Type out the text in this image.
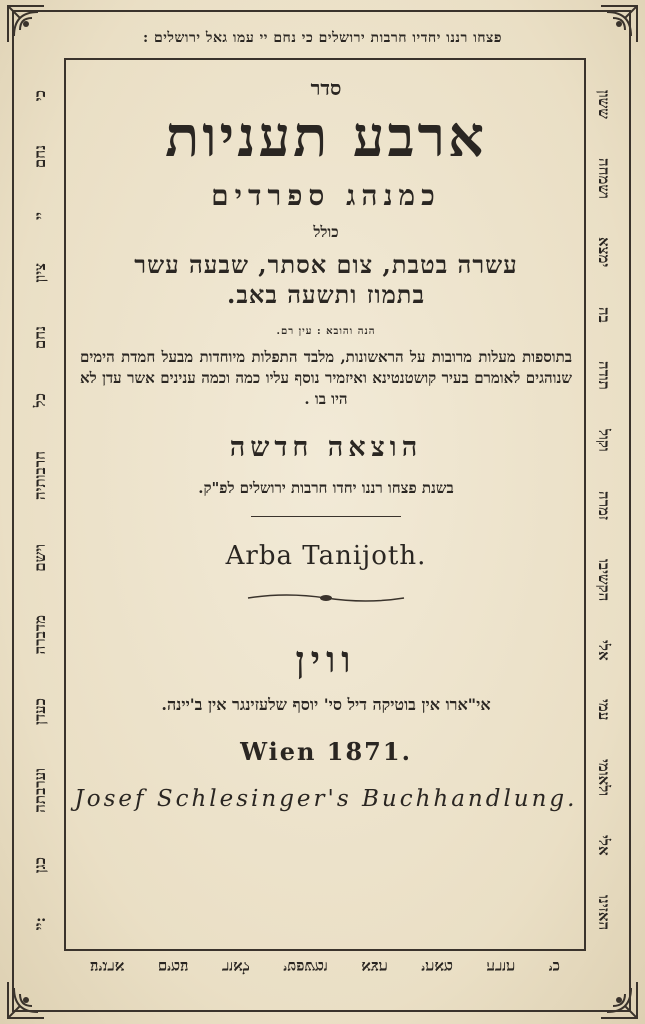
פצחו רננו יחדיו חרבות ירושלים כי נחם יי עמו גאל ירושלים :
כי
נחם
יי
ציון
נחם
כל
חרבותיה
וישם
מדברה
כעדן
וערבתה
כגן
יי:
ששון
ושמחה
ימצא
בה
תודה
וקול
זמרה
הקשיבו
אלי
עמי
ולאומי
אלי
האזינו
כי
תורה
מאתי
תצא
ומשפטי
לאור
עמים
ארגיע
סדר
ארבע תעניות
כמנהג ספרדים
כולל
עשרה בטבת, צום אסתר, שבעה עשר
בתמוז ותשעה באב.
הנה והובא : עין רם.
בתוספות מעלות מרובות על הראשונות, מלבד התפלות מיוחדות מבעל חמדת הימים שנוהגים לאומרם בעיר קושטנטינא ואיזמיר נוסף עליו כמה וכמה ענינים אשר עדן לא היו בו .
הוצאה חדשה
בשנת פצחו רננו יחדו חרבות ירושלים לפ"ק.
Arba Tanijoth.
ווין
אי"ארו אין בוטיקה דיל סי' יוסף שלעזינגר אין ב'יינה.
Wien 1871.
Josef Schlesinger's Buchhandlung.
